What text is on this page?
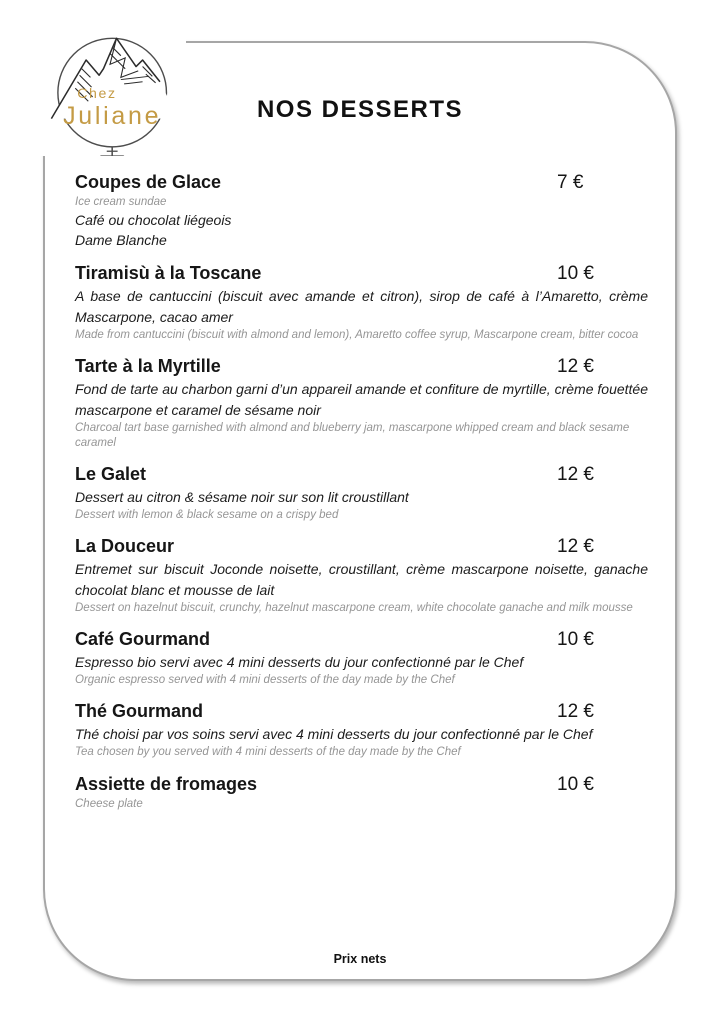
Chez
Juliane	NOS DESSERTS
Coupes de Glace	7 €
Ice cream sundae
Café ou chocolat liégeois
Dame Blanche
Tiramisù à la Toscane	10 €
A base de cantuccini (biscuit avec amande et citron), sirop de café à l’Amaretto, crème Mascarpone, cacao amer
Made from cantuccini (biscuit with almond and lemon), Amaretto coffee syrup, Mascarpone cream, bitter cocoa
Tarte à la Myrtille	12 €
Fond de tarte au charbon garni d’un appareil amande et confiture de myrtille, crème fouettée mascarpone et caramel de sésame noir
Charcoal tart base garnished with almond and blueberry jam, mascarpone whipped cream and black sesame caramel
Le Galet	12 €
Dessert au citron & sésame noir sur son lit croustillant
Dessert with lemon & black sesame on a crispy bed
La Douceur	12 €
Entremet sur biscuit Joconde noisette, croustillant, crème mascarpone noisette, ganache chocolat blanc et mousse de lait
Dessert on hazelnut biscuit, crunchy, hazelnut mascarpone cream, white chocolate ganache and milk mousse
Café Gourmand	10 €
Espresso bio servi avec 4 mini desserts du jour confectionné par le Chef
Organic espresso served with 4 mini desserts of the day made by the Chef
Thé Gourmand	12 €
Thé choisi par vos soins servi avec 4 mini desserts du jour confectionné par le Chef
Tea chosen by you served with 4 mini desserts of the day made by the Chef
Assiette de fromages	10 €
Cheese plate
Prix nets
